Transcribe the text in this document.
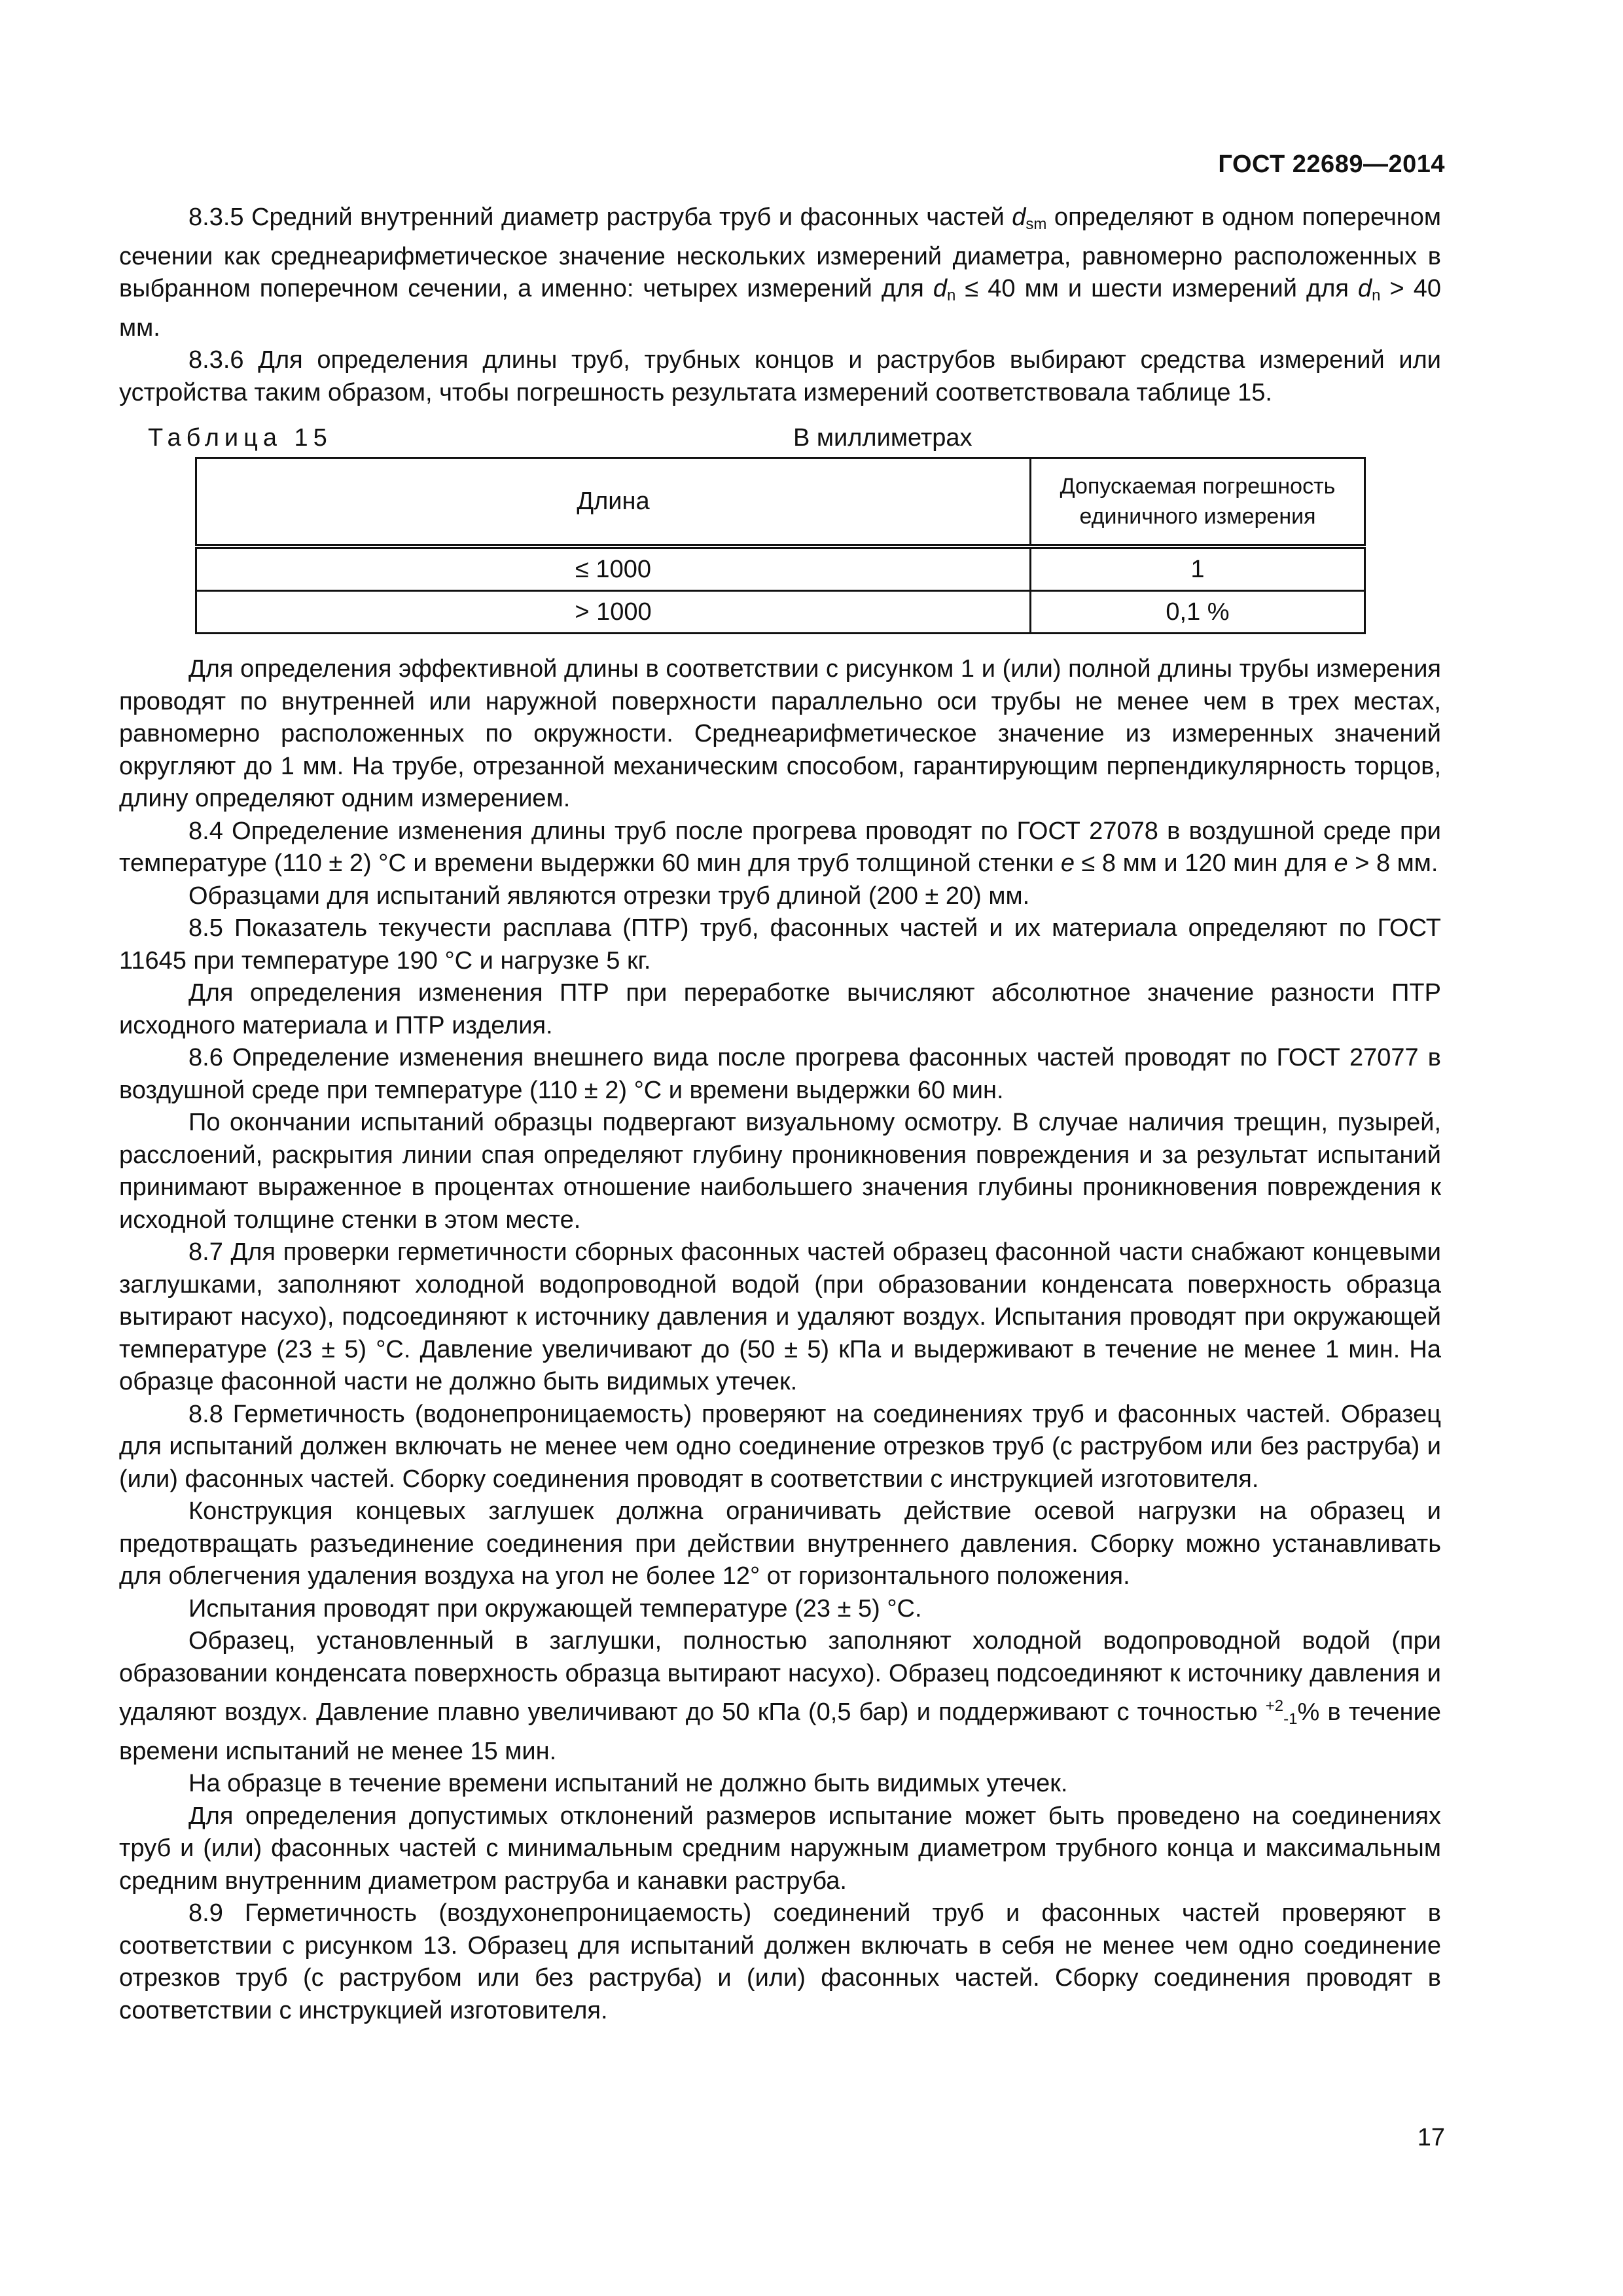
ГОСТ 22689—2014

8.3.5 Средний внутренний диаметр раструба труб и фасонных частей $d_{sm}$ определяют в одном поперечном сечении как среднеарифметическое значение нескольких измерений диаметра, равномерно расположенных в выбранном поперечном сечении, а именно: четырех измерений для $d_n \le 40$ мм и шести измерений для $d_n > 40$ мм.

8.3.6 Для определения длины труб, трубных концов и раструбов выбирают средства измерений или устройства таким образом, чтобы погрешность результата измерений соответствовала таблице 15.

Таблица 15	В миллиметрах
Длина	Допускаемая погрешность единичного измерения
≤ 1000	1
> 1000	0,1 %

Для определения эффективной длины в соответствии с рисунком 1 и (или) полной длины трубы измерения проводят по внутренней или наружной поверхности параллельно оси трубы не менее чем в трех местах, равномерно расположенных по окружности. Среднеарифметическое значение из измеренных значений округляют до 1 мм. На трубе, отрезанной механическим способом, гарантирующим перпендикулярность торцов, длину определяют одним измерением.

8.4 Определение изменения длины труб после прогрева проводят по ГОСТ 27078 в воздушной среде при температуре (110 ± 2) °С и времени выдержки 60 мин для труб толщиной стенки e ≤ 8 мм и 120 мин для e > 8 мм.

Образцами для испытаний являются отрезки труб длиной (200 ± 20) мм.

8.5 Показатель текучести расплава (ПТР) труб, фасонных частей и их материала определяют по ГОСТ 11645 при температуре 190 °С и нагрузке 5 кг.

Для определения изменения ПТР при переработке вычисляют абсолютное значение разности ПТР исходного материала и ПТР изделия.

8.6 Определение изменения внешнего вида после прогрева фасонных частей проводят по ГОСТ 27077 в воздушной среде при температуре (110 ± 2) °С и времени выдержки 60 мин.

По окончании испытаний образцы подвергают визуальному осмотру. В случае наличия трещин, пузырей, расслоений, раскрытия линии спая определяют глубину проникновения повреждения и за результат испытаний принимают выраженное в процентах отношение наибольшего значения глубины проникновения повреждения к исходной толщине стенки в этом месте.

8.7 Для проверки герметичности сборных фасонных частей образец фасонной части снабжают концевыми заглушками, заполняют холодной водопроводной водой (при образовании конденсата поверхность образца вытирают насухо), подсоединяют к источнику давления и удаляют воздух. Испытания проводят при окружающей температуре (23 ± 5) °С. Давление увеличивают до (50 ± 5) кПа и выдерживают в течение не менее 1 мин. На образце фасонной части не должно быть видимых утечек.

8.8 Герметичность (водонепроницаемость) проверяют на соединениях труб и фасонных частей. Образец для испытаний должен включать не менее чем одно соединение отрезков труб (с раструбом или без раструба) и (или) фасонных частей. Сборку соединения проводят в соответствии с инструкцией изготовителя.

Конструкция концевых заглушек должна ограничивать действие осевой нагрузки на образец и предотвращать разъединение соединения при действии внутреннего давления. Сборку можно устанавливать для облегчения удаления воздуха на угол не более 12° от горизонтального положения.

Испытания проводят при окружающей температуре (23 ± 5) °С.

Образец, установленный в заглушки, полностью заполняют холодной водопроводной водой (при образовании конденсата поверхность образца вытирают насухо). Образец подсоединяют к источнику давления и удаляют воздух. Давление плавно увеличивают до 50 кПа (0,5 бар) и поддерживают с точностью $^{+2}_{-1}$% в течение времени испытаний не менее 15 мин.

На образце в течение времени испытаний не должно быть видимых утечек.

Для определения допустимых отклонений размеров испытание может быть проведено на соединениях труб и (или) фасонных частей с минимальным средним наружным диаметром трубного конца и максимальным средним внутренним диаметром раструба и канавки раструба.

8.9 Герметичность (воздухонепроницаемость) соединений труб и фасонных частей проверяют в соответствии с рисунком 13. Образец для испытаний должен включать в себя не менее чем одно соединение отрезков труб (с раструбом или без раструба) и (или) фасонных частей. Сборку соединения проводят в соответствии с инструкцией изготовителя.

17
